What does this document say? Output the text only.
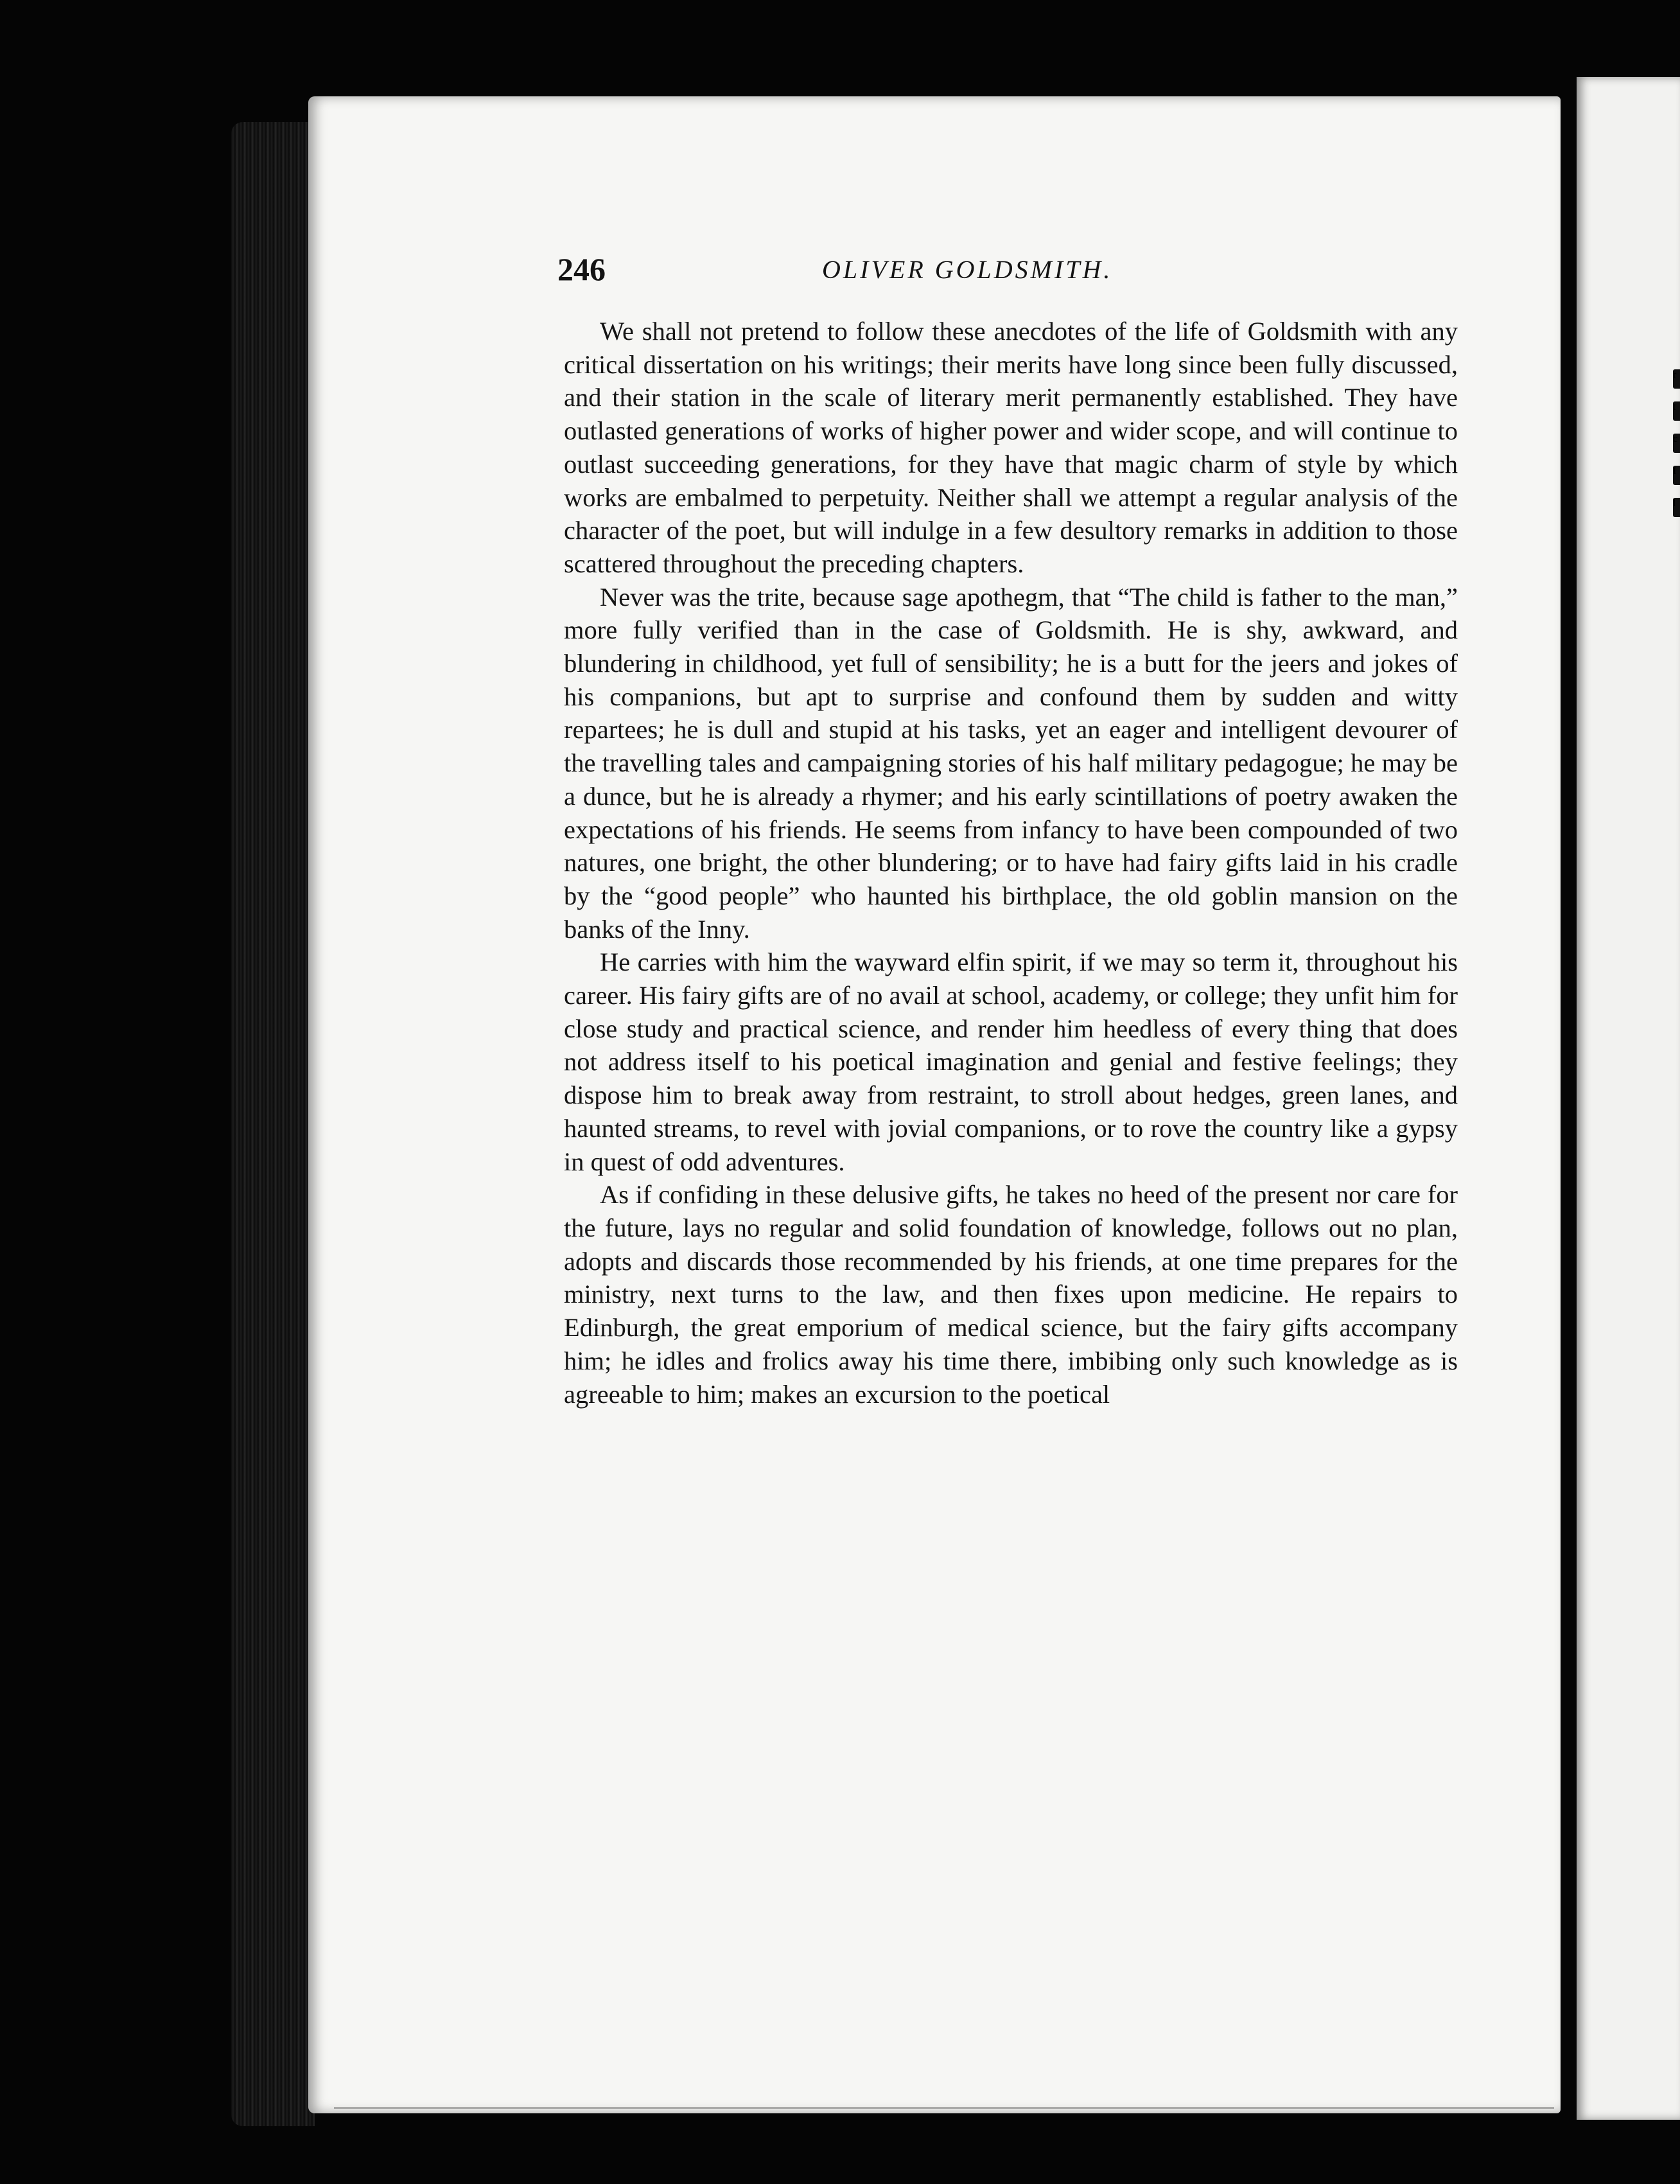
r
t
c
I
l
246	OLIVER GOLDSMITH.

We shall not pretend to follow these anecdotes of the life of Goldsmith with any critical dissertation on his writings; their merits have long since been fully discussed, and their station in the scale of literary merit permanently established. They have outlasted generations of works of higher power and wider scope, and will continue to outlast succeeding generations, for they have that magic charm of style by which works are embalmed to perpetuity. Neither shall we attempt a regular analysis of the character of the poet, but will indulge in a few desultory remarks in addition to those scattered throughout the preceding chapters.

Never was the trite, because sage apothegm, that “The child is father to the man,” more fully verified than in the case of Goldsmith. He is shy, awkward, and blundering in childhood, yet full of sensibility; he is a butt for the jeers and jokes of his companions, but apt to surprise and confound them by sudden and witty repartees; he is dull and stupid at his tasks, yet an eager and intelligent devourer of the travelling tales and campaigning stories of his half military pedagogue; he may be a dunce, but he is already a rhymer; and his early scintillations of poetry awaken the expectations of his friends. He seems from infancy to have been compounded of two natures, one bright, the other blundering; or to have had fairy gifts laid in his cradle by the “good people” who haunted his birthplace, the old goblin mansion on the banks of the Inny.

He carries with him the wayward elfin spirit, if we may so term it, throughout his career. His fairy gifts are of no avail at school, academy, or college; they unfit him for close study and practical science, and render him heedless of every thing that does not address itself to his poetical imagination and genial and festive feelings; they dispose him to break away from restraint, to stroll about hedges, green lanes, and haunted streams, to revel with jovial companions, or to rove the country like a gypsy in quest of odd adventures.

As if confiding in these delusive gifts, he takes no heed of the present nor care for the future, lays no regular and solid foundation of knowledge, follows out no plan, adopts and discards those recommended by his friends, at one time prepares for the ministry, next turns to the law, and then fixes upon medicine. He repairs to Edinburgh, the great emporium of medical science, but the fairy gifts accompany him; he idles and frolics away his time there, imbibing only such knowledge as is agreeable to him; makes an excursion to the poetical
